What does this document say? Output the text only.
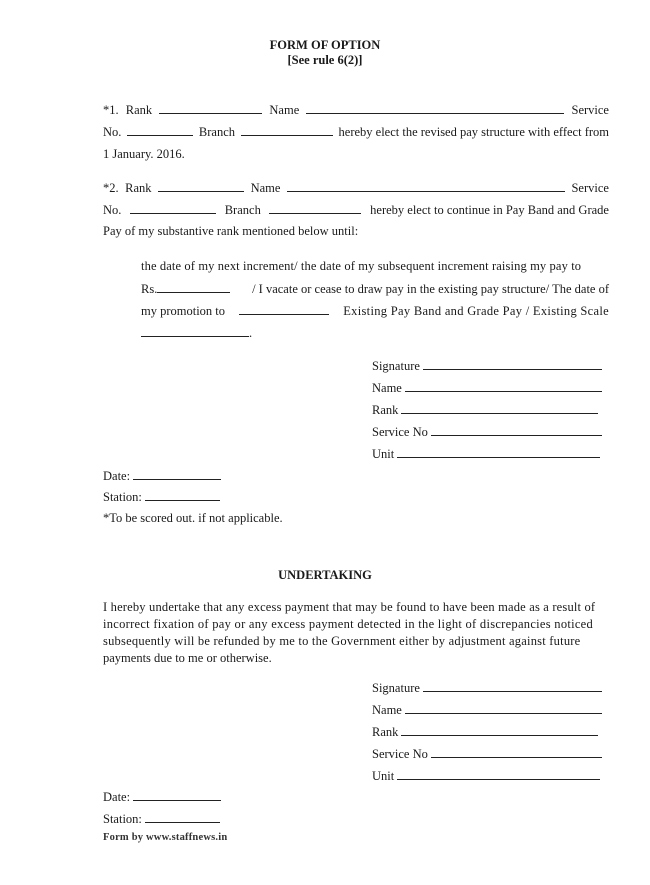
FORM OF OPTION
[See rule 6(2)]
*1. Rank	Name	Service
No.	Branch	hereby elect the revised pay structure with effect from
1 January. 2016.
*2. Rank	Name	Service
No.	Branch	hereby elect to continue in Pay Band and Grade
Pay of my substantive rank mentioned below until:
the date of my next increment/ the date of my subsequent increment raising my pay to
Rs.	/ I vacate or cease to draw pay in the existing pay structure/ The date of
my promotion to	Existing Pay Band and Grade Pay / Existing Scale
.
Signature
Name
Rank
Service No
Unit
Date:
Station:
*To be scored out. if not applicable.
UNDERTAKING
I hereby undertake that any excess payment that may be found to have been made as a result of
incorrect fixation of pay or any excess payment detected in the light of discrepancies noticed
subsequently will be refunded by me to the Government either by adjustment against future
payments due to me or otherwise.
Signature
Name
Rank
Service No
Unit
Date:
Station:
Form by www.staffnews.in
